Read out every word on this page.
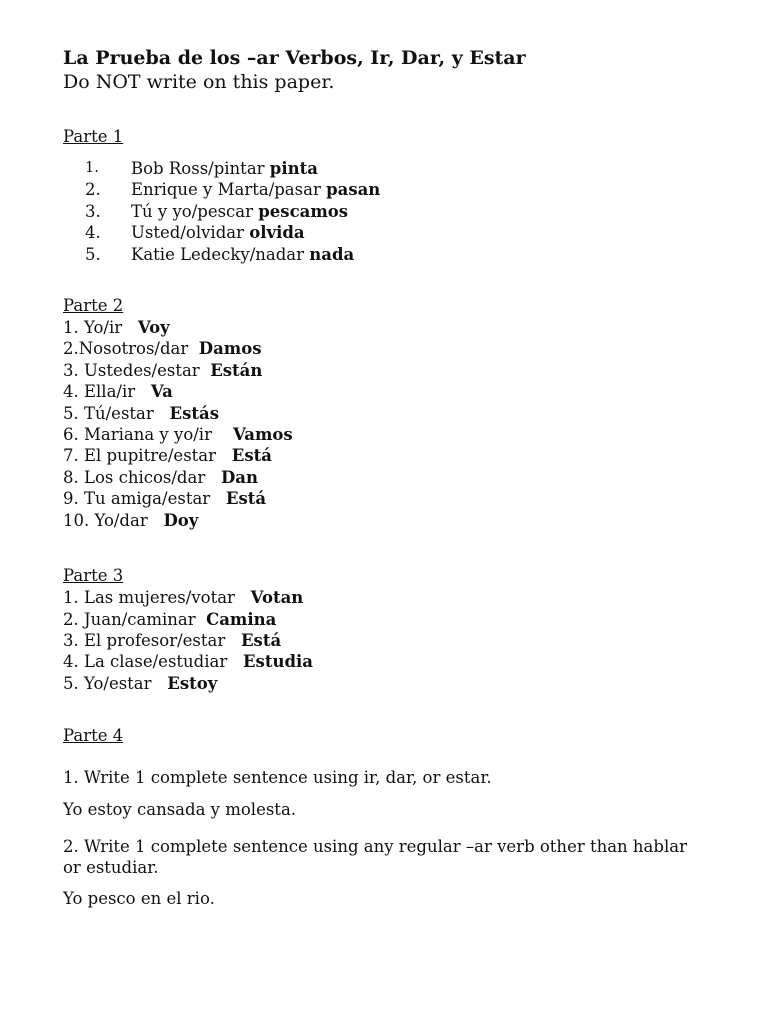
La Prueba de los –ar Verbos, Ir, Dar, y Estar

Do NOT write on this paper.

Parte 1

1. Bob Ross/pintar pinta
2. Enrique y Marta/pasar pasan
3. Tú y yo/pescar pescamos
4. Usted/olvidar olvida
5. Katie Ledecky/nadar nada

Parte 2

1. Yo/ir   Voy
2.Nosotros/dar  Damos
3. Ustedes/estar  Están
4. Ella/ir   Va
5. Tú/estar   Estás
6. Mariana y yo/ir    Vamos
7. El pupitre/estar   Está
8. Los chicos/dar   Dan
9. Tu amiga/estar   Está
10. Yo/dar   Doy

Parte 3

1. Las mujeres/votar   Votan
2. Juan/caminar  Camina
3. El profesor/estar   Está
4. La clase/estudiar   Estudia
5. Yo/estar   Estoy

Parte 4

1. Write 1 complete sentence using ir, dar, or estar.

Yo estoy cansada y molesta.

2. Write 1 complete sentence using any regular –ar verb other than hablar or estudiar.

Yo pesco en el rio.
